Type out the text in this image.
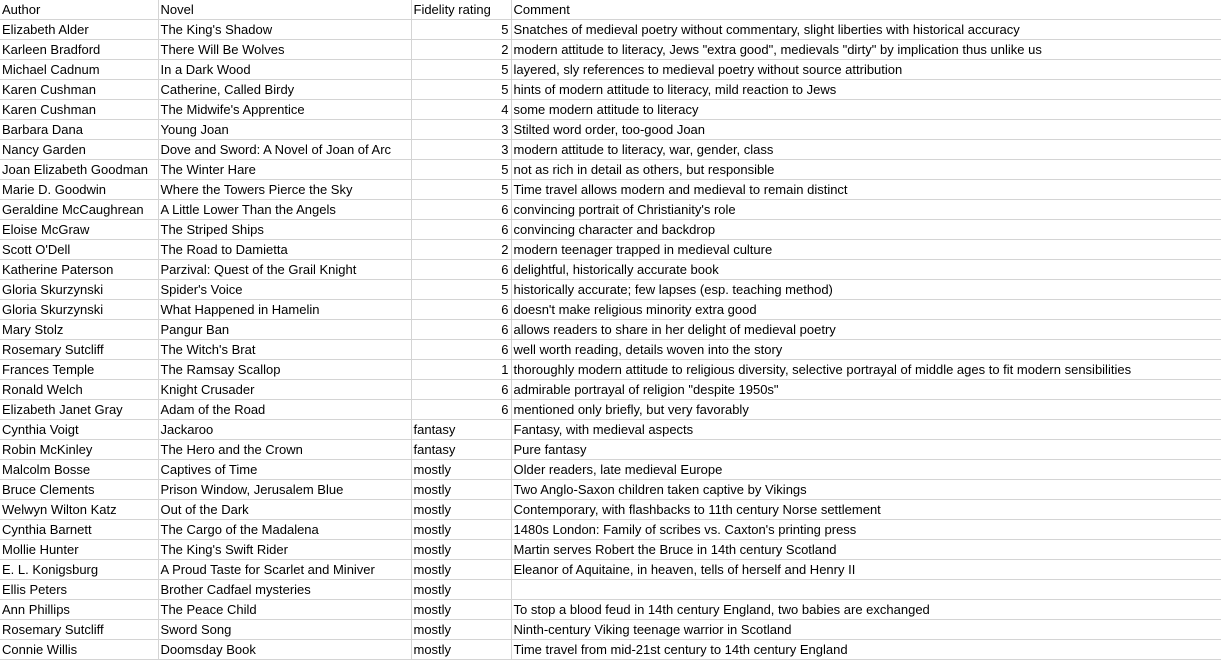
Author	Novel	Fidelity rating	Comment
Elizabeth Alder	The King's Shadow	5	Snatches of medieval poetry without commentary, slight liberties with historical accuracy
Karleen Bradford	There Will Be Wolves	2	modern attitude to literacy, Jews "extra good", medievals "dirty" by implication thus unlike us
Michael Cadnum	In a Dark Wood	5	layered, sly references to medieval poetry without source attribution
Karen Cushman	Catherine, Called Birdy	5	hints of modern attitude to literacy, mild reaction to Jews
Karen Cushman	The Midwife's Apprentice	4	some modern attitude to literacy
Barbara Dana	Young Joan	3	Stilted word order, too-good Joan
Nancy Garden	Dove and Sword: A Novel of Joan of Arc	3	modern attitude to literacy, war, gender, class
Joan Elizabeth Goodman	The Winter Hare	5	not as rich in detail as others, but responsible
Marie D. Goodwin	Where the Towers Pierce the Sky	5	Time travel allows modern and medieval to remain distinct
Geraldine McCaughrean	A Little Lower Than the Angels	6	convincing portrait of Christianity's role
Eloise McGraw	The Striped Ships	6	convincing character and backdrop
Scott O'Dell	The Road to Damietta	2	modern teenager trapped in medieval culture
Katherine Paterson	Parzival: Quest of the Grail Knight	6	delightful, historically accurate book
Gloria Skurzynski	Spider's Voice	5	historically accurate; few lapses (esp. teaching method)
Gloria Skurzynski	What Happened in Hamelin	6	doesn't make religious minority extra good
Mary Stolz	Pangur Ban	6	allows readers to share in her delight of medieval poetry
Rosemary Sutcliff	The Witch's Brat	6	well worth reading, details woven into the story
Frances Temple	The Ramsay Scallop	1	thoroughly modern attitude to religious diversity, selective portrayal of middle ages to fit modern sensibilities
Ronald Welch	Knight Crusader	6	admirable portrayal of religion "despite 1950s"
Elizabeth Janet Gray	Adam of the Road	6	mentioned only briefly, but very favorably
Cynthia Voigt	Jackaroo	fantasy	Fantasy, with medieval aspects
Robin McKinley	The Hero and the Crown	fantasy	Pure fantasy
Malcolm Bosse	Captives of Time	mostly	Older readers, late medieval Europe
Bruce Clements	Prison Window, Jerusalem Blue	mostly	Two Anglo-Saxon children taken captive by Vikings
Welwyn Wilton Katz	Out of the Dark	mostly	Contemporary, with flashbacks to 11th century Norse settlement
Cynthia Barnett	The Cargo of the Madalena	mostly	1480s London: Family of scribes vs. Caxton's printing press
Mollie Hunter	The King's Swift Rider	mostly	Martin serves Robert the Bruce in 14th century Scotland
E. L. Konigsburg	A Proud Taste for Scarlet and Miniver	mostly	Eleanor of Aquitaine, in heaven, tells of herself and Henry II
Ellis Peters	Brother Cadfael mysteries	mostly	
Ann Phillips	The Peace Child	mostly	To stop a blood feud in 14th century England, two babies are exchanged
Rosemary Sutcliff	Sword Song	mostly	Ninth-century Viking teenage warrior in Scotland
Connie Willis	Doomsday Book	mostly	Time travel from mid-21st century to 14th century England
